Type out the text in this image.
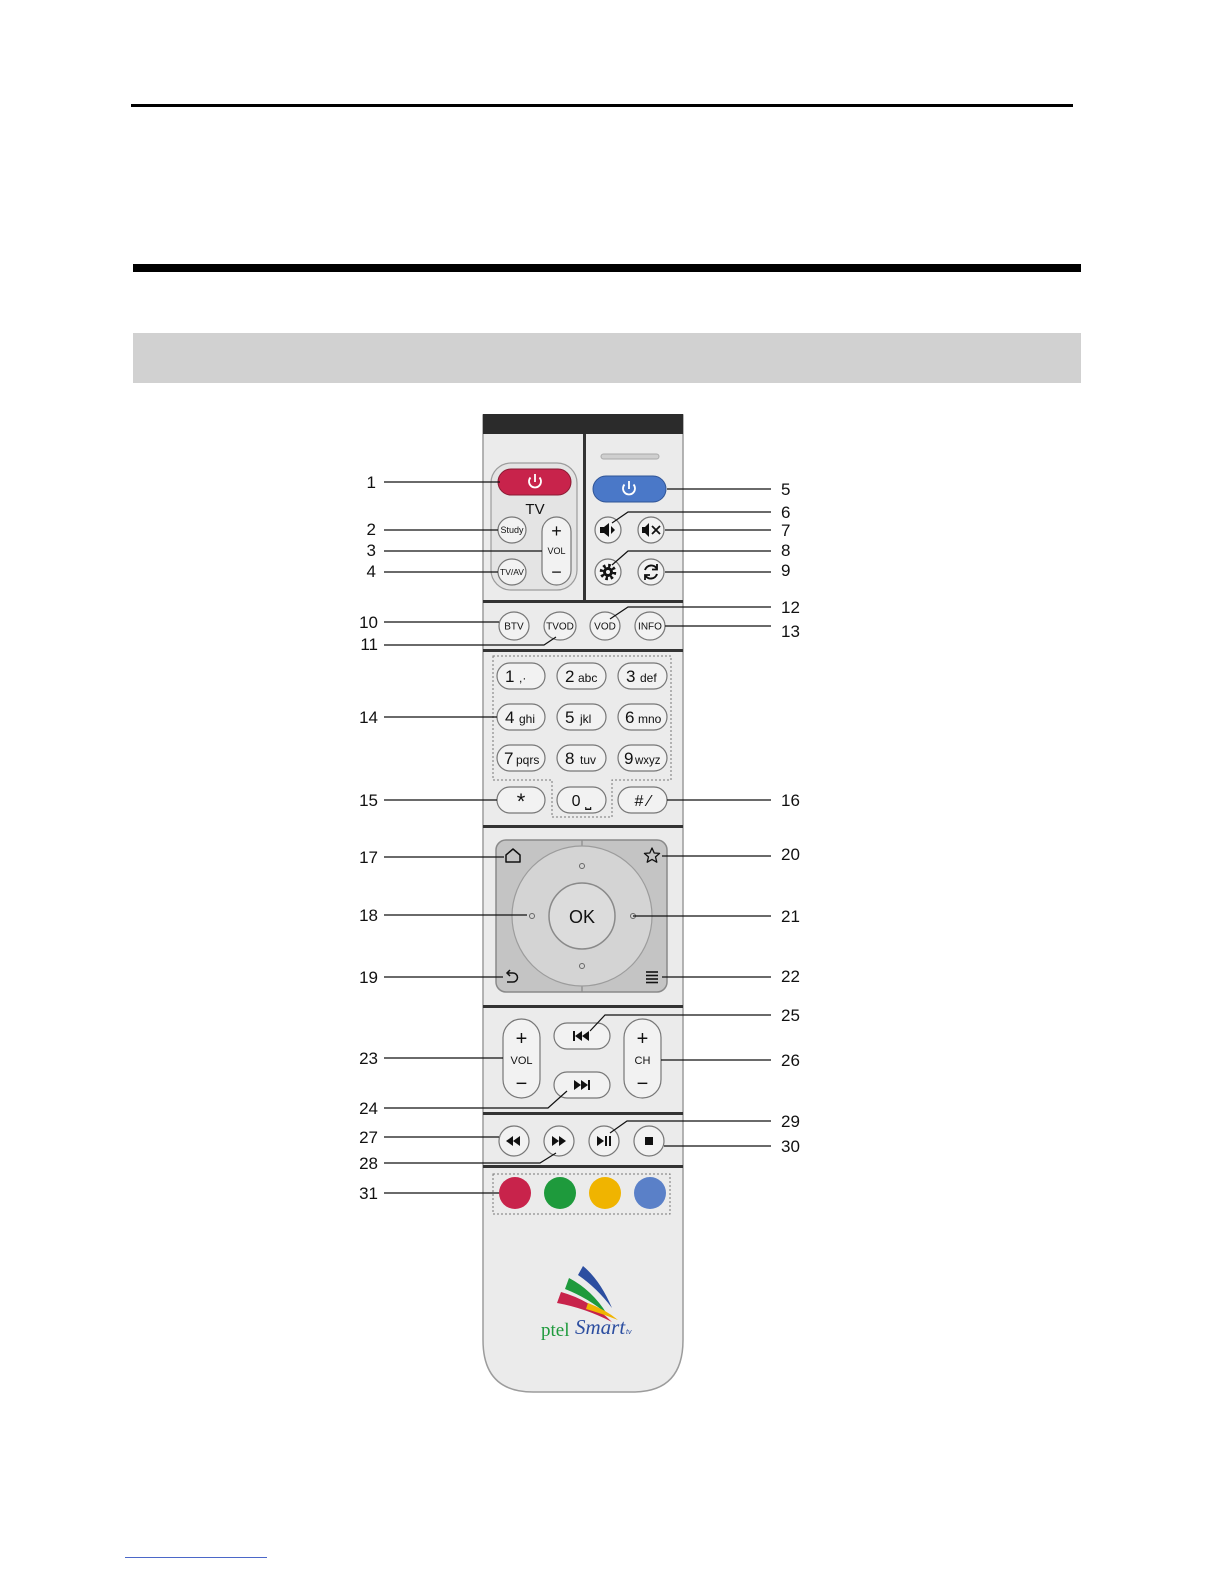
TV
Study
TV/AV
+
VOL
−
BTV TVOD VOD INFO
1 ,· 2 abc 3 def
4 ghi 5 jkl 6 mno
7 pqrs 8 tuv 9 wxyz
*	0 ⎵	# ⁄
OK
+
VOL
−
+
CH
−
ptel Smart tv
1
2
3
4
5
6
7
8
9
10
11
12
13
14
15	16
17
18
19
20
21
22
23
24
25
26
27
28
29
30
31
